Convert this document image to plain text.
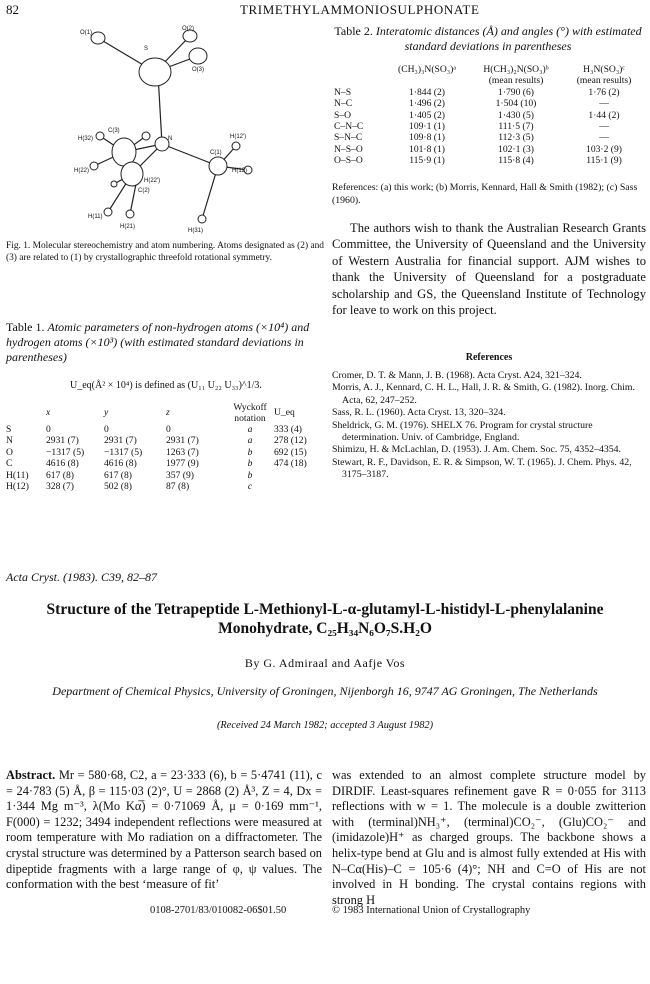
82	TRIMETHYLAMMONIOSULPHONATE
O(1)
S
O(2)
O(3)
N
C(1)
C(2)
C(3)
H(12)
H(12')
H(22)
H(22')
H(32)
H(11)
H(21)
H(31)
Fig. 1. Molecular stereochemistry and atom numbering. Atoms designated as (2) and (3) are related to (1) by crystallographic threefold rotational symmetry.
Table 1. Atomic parameters of non-hydrogen atoms (×10⁴) and hydrogen atoms (×10³) (with estimated standard deviations in parentheses)
U_eq(Å² × 10⁴) is defined as (U₁₁ U₂₂ U₃₃)^1/3.
	x	y	z	Wyckoff notation	U_eq
S	0	0	0	a	333 (4)
N	2931 (7)	2931 (7)	2931 (7)	a	278 (12)
O	−1317 (5)	−1317 (5)	1263 (7)	b	692 (15)
C	4616 (8)	4616 (8)	1977 (9)	b	474 (18)
H(11)	617 (8)	617 (8)	357 (9)	b	
H(12)	328 (7)	502 (8)	87 (8)	c	
Table 2. Interatomic distances (Å) and angles (°) with estimated standard deviations in parentheses
	(CH₃)₃N(SO₃)ᵃ	H(CH₃)₂N(SO₃)ᵇ	H₃N(SO₃)ᶜ
		(mean results)	(mean results)
N–S	1·844 (2)	1·790 (6)	1·76 (2)
N–C	1·496 (2)	1·504 (10)	—
S–O	1·405 (2)	1·430 (5)	1·44 (2)
C–N–C	109·1 (1)	111·5 (7)	—
S–N–C	109·8 (1)	112·3 (5)	—
N–S–O	101·8 (1)	102·1 (3)	103·2 (9)
O–S–O	115·9 (1)	115·8 (4)	115·1 (9)
References: (a) this work; (b) Morris, Kennard, Hall & Smith (1982); (c) Sass (1960).
The authors wish to thank the Australian Research Grants Committee, the University of Queensland and the University of Western Australia for financial support. AJM wishes to thank the University of Queensland for a postgraduate scholarship and GS, the Queensland Institute of Technology for leave to work on this project.
References

Cromer, D. T. & Mann, J. B. (1968). Acta Cryst. A24, 321–324.

Morris, A. J., Kennard, C. H. L., Hall, J. R. & Smith, G. (1982). Inorg. Chim. Acta, 62, 247–252.

Sass, R. L. (1960). Acta Cryst. 13, 320–324.

Sheldrick, G. M. (1976). SHELX 76. Program for crystal structure determination. Univ. of Cambridge, England.

Shimizu, H. & McLachlan, D. (1953). J. Am. Chem. Soc. 75, 4352–4354.

Stewart, R. F., Davidson, E. R. & Simpson, W. T. (1965). J. Chem. Phys. 42, 3175–3187.

Acta Cryst. (1983). C39, 82–87
Structure of the Tetrapeptide L-Methionyl-L-α-glutamyl-L-histidyl-L-phenylalanine
Monohydrate, C₂₅H₃₄N₆O₇S.H₂O
By G. Admiraal and Aafje Vos
Department of Chemical Physics, University of Groningen, Nijenborgh 16, 9747 AG Groningen, The Netherlands
(Received 24 March 1982; accepted 3 August 1982)
Abstract. Mr = 580·68, C2, a = 23·333 (6), b = 5·4741 (11), c = 24·783 (5) Å, β = 115·03 (2)°, U = 2868 (2) Å³, Z = 4, Dx = 1·344 Mg m⁻³, λ(Mo Kα̅) = 0·71069 Å, μ = 0·169 mm⁻¹, F(000) = 1232; 3494 independent reflections were measured at room temperature with Mo radiation on a diffractometer. The crystal structure was determined by a Patterson search based on dipeptide fragments with a large range of φ, ψ values. The conformation with the best ‘measure of fit’
was extended to an almost complete structure model by DIRDIF. Least-squares refinement gave R = 0·055 for 3113 reflections with w = 1. The molecule is a double zwitterion with (terminal)NH₃⁺, (terminal)CO₂⁻, (Glu)CO₂⁻ and (imidazole)H⁺ as charged groups. The backbone shows a helix-type bend at Glu and is almost fully extended at His with N–Cα(His)–C = 105·6 (4)°; NH and C=O of His are not involved in H bonding. The crystal contains regions with strong H
0108-2701/83/010082-06$01.50	© 1983 International Union of Crystallography
